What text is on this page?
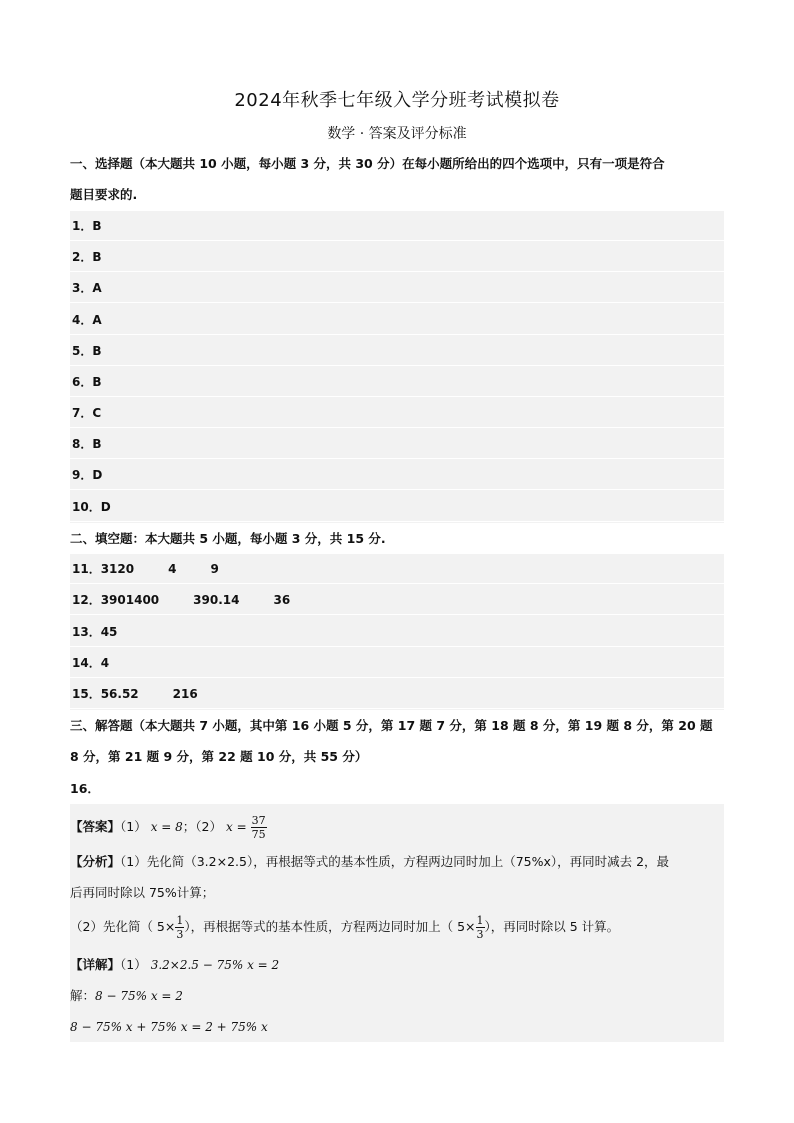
2024年秋季七年级入学分班考试模拟卷
数学 · 答案及评分标准
一、选择题（本大题共 10 小题，每小题 3 分，共 30 分）在每小题所给出的四个选项中，只有一项是符合
题目要求的.
1．B
2．B
3．A
4．A
5．B
6．B
7．C
8．B
9．D
10．D
二、填空题：本大题共 5 小题，每小题 3 分，共 15 分.
11．3120	4	9
12．3901400	390.14	36
13．45
14．4
15．56.52	216
三、解答题（本大题共 7 小题，其中第 16 小题 5 分，第 17 题 7 分，第 18 题 8 分，第 19 题 8 分，第 20 题
8 分，第 21 题 9 分，第 22 题 10 分，共 55 分）
16．
【答案】（1） x = 8；（2） $x = \frac{37}{75}$
【分析】（1）先化简（3.2×2.5），再根据等式的基本性质，方程两边同时加上（75%x），再同时减去 2，最
后再同时除以 75%计算；
（2）先化简（ $5\times \frac{1}{3}$ ），再根据等式的基本性质，方程两边同时加上（ $5\times \frac{1}{3}$ ），再同时除以 5 计算。
【详解】（1） 3.2×2.5 − 75% x = 2
解：8 − 75% x = 2
8 − 75% x + 75% x = 2 + 75% x
